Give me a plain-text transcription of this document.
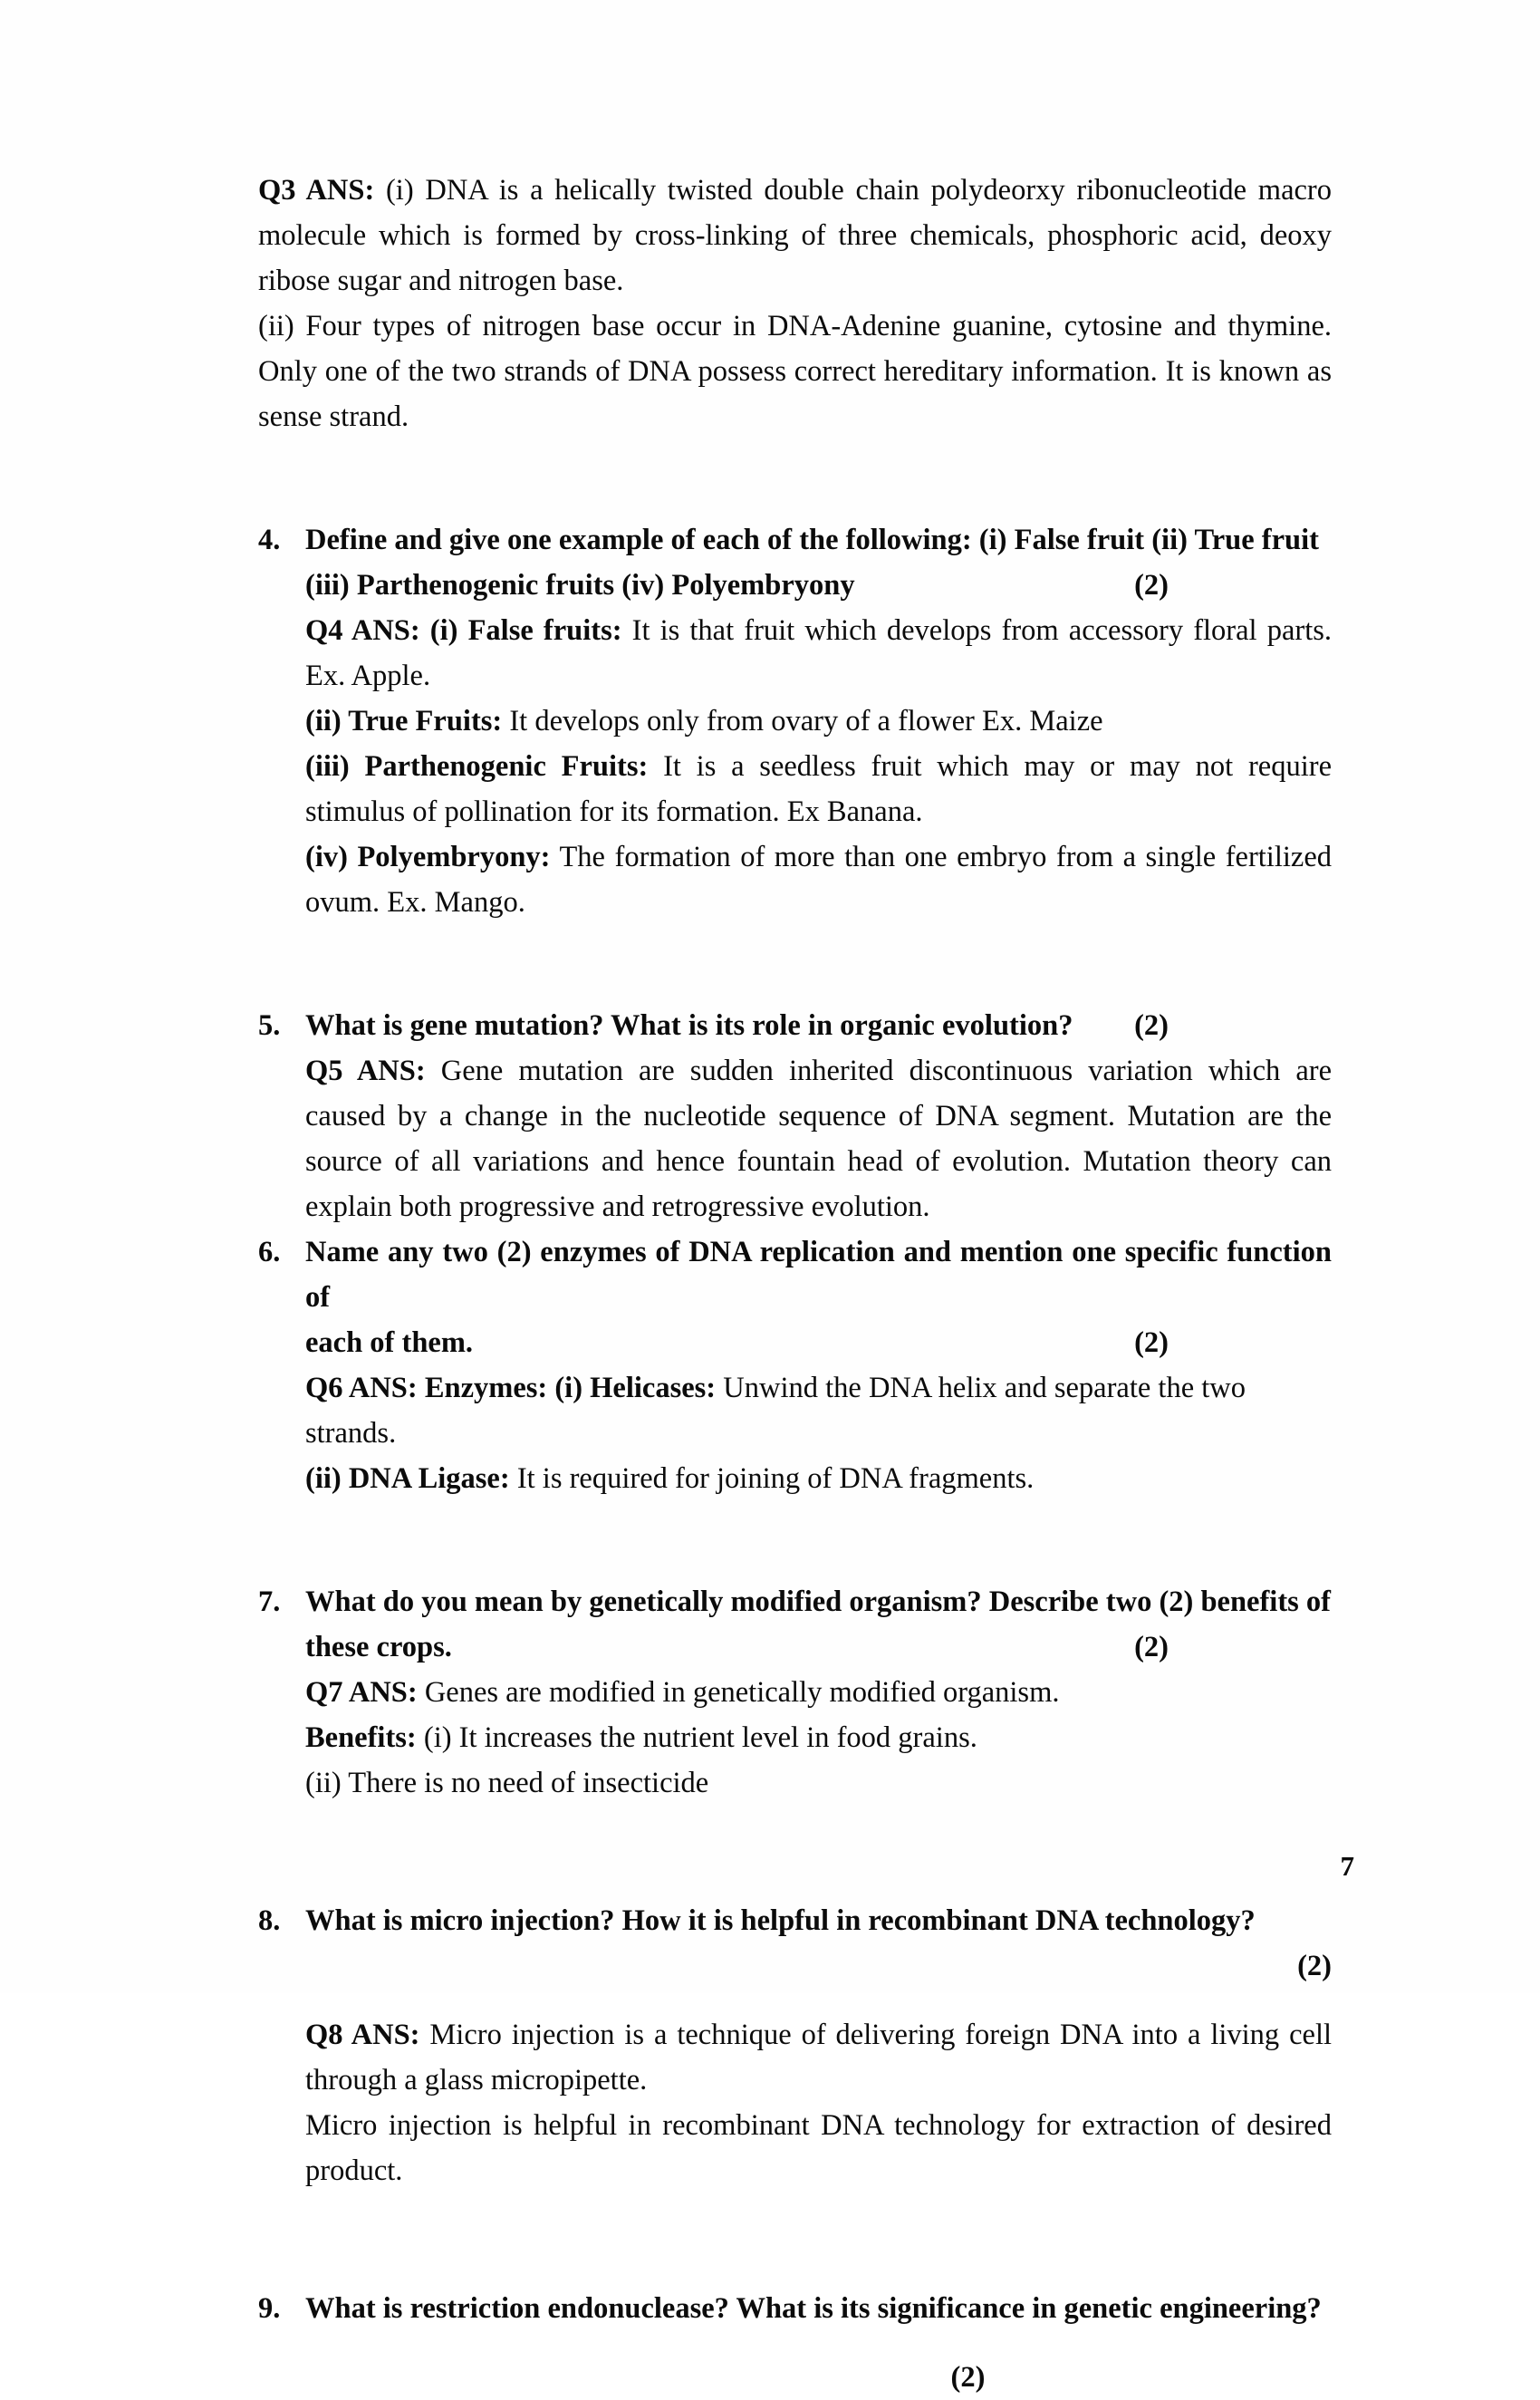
Q3 ANS: (i) DNA is a helically twisted double chain polydeorxy ribonucleotide macro molecule which is formed by cross-linking of three chemicals, phosphoric acid, deoxy ribose sugar and nitrogen base.

(ii) Four types of nitrogen base occur in DNA-Adenine guanine, cytosine and thymine. Only one of the two strands of DNA possess correct hereditary information. It is known as sense strand.

4. Define and give one example of each of the following: (i) False fruit (ii) True fruit

(iii) Parthenogenic fruits (iv) Polyembryony	(2)

Q4 ANS: (i) False fruits: It is that fruit which develops from accessory floral parts. Ex. Apple.

(ii) True Fruits: It develops only from ovary of a flower Ex. Maize

(iii) Parthenogenic Fruits: It is a seedless fruit which may or may not require stimulus of pollination for its formation. Ex Banana.

(iv) Polyembryony: The formation of more than one embryo from a single fertilized ovum. Ex. Mango.

5. What is gene mutation? What is its role in organic evolution? (2)

Q5 ANS: Gene mutation are sudden inherited discontinuous variation which are caused by a change in the nucleotide sequence of DNA segment. Mutation are the source of all variations and hence fountain head of evolution. Mutation theory can explain both progressive and retrogressive evolution.

6. Name any two (2) enzymes of DNA replication and mention one specific function of

each of them.	(2)

Q6 ANS: Enzymes: (i) Helicases: Unwind the DNA helix and separate the two strands.

(ii) DNA Ligase: It is required for joining of DNA fragments.

7. What do you mean by genetically modified organism? Describe two (2) benefits of

these crops.	(2)

Q7 ANS: Genes are modified in genetically modified organism.

Benefits: (i) It increases the nutrient level in food grains.

(ii) There is no need of insecticide

8. What is micro injection? How it is helpful in recombinant DNA technology?

(2)

Q8 ANS: Micro injection is a technique of delivering foreign DNA into a living cell through a glass micropipette.

Micro injection is helpful in recombinant DNA technology for extraction of desired product.

9. What is restriction endonuclease? What is its significance in genetic engineering?

(2)

7
